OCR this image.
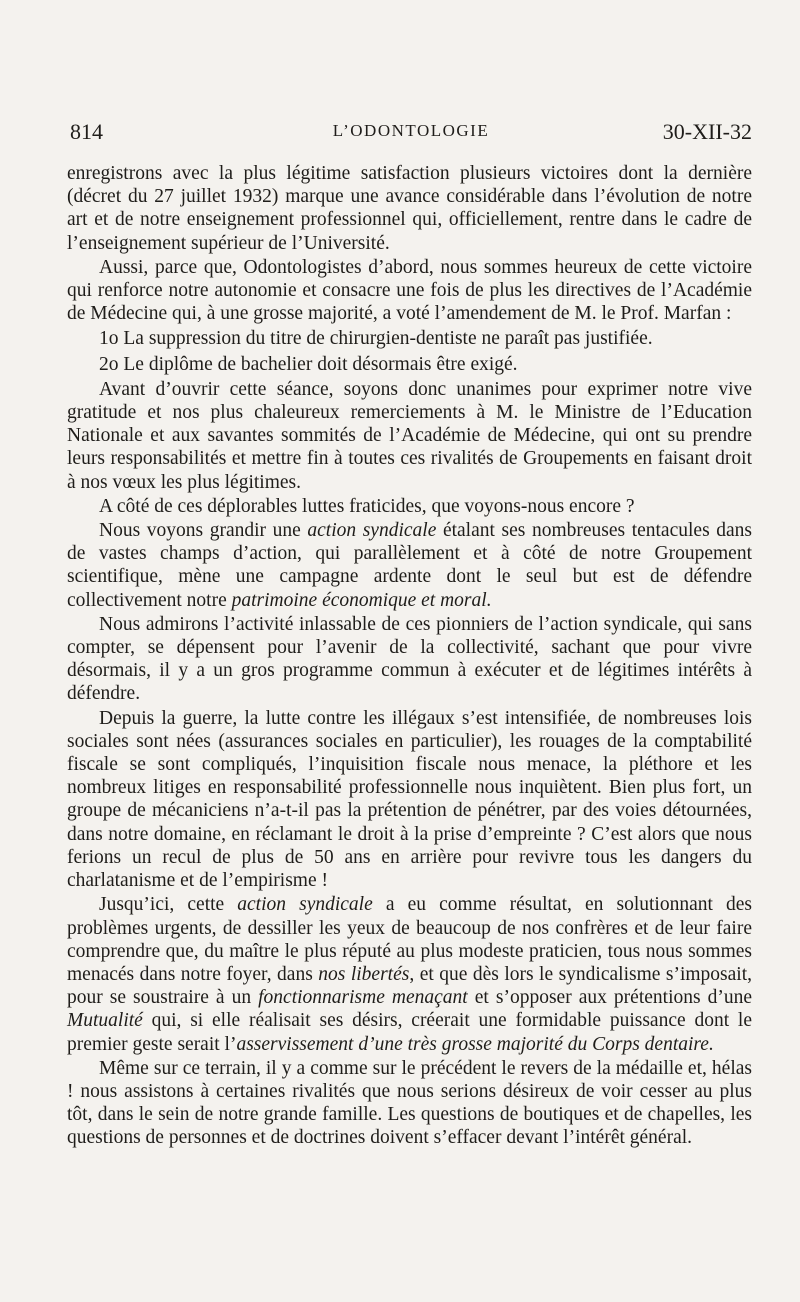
814	L’ODONTOLOGIE	30-XII-32

enregistrons avec la plus légitime satisfaction plusieurs victoires dont la dernière (décret du 27 juillet 1932) marque une avance considérable dans l’évolution de notre art et de notre enseignement professionnel qui, officiellement, rentre dans le cadre de l’enseignement supérieur de l’Université.

Aussi, parce que, Odontologistes d’abord, nous sommes heureux de cette victoire qui renforce notre autonomie et consacre une fois de plus les directives de l’Académie de Médecine qui, à une grosse majorité, a voté l’amendement de M. le Prof. Marfan :

1o La suppression du titre de chirurgien-dentiste ne paraît pas justifiée.

2o Le diplôme de bachelier doit désormais être exigé.

Avant d’ouvrir cette séance, soyons donc unanimes pour exprimer notre vive gratitude et nos plus chaleureux remerciements à M. le Ministre de l’Education Nationale et aux savantes sommités de l’Académie de Médecine, qui ont su prendre leurs responsabilités et mettre fin à toutes ces rivalités de Groupements en faisant droit à nos vœux les plus légitimes.

A côté de ces déplorables luttes fraticides, que voyons-nous encore ?

Nous voyons grandir une action syndicale étalant ses nombreuses tentacules dans de vastes champs d’action, qui parallèlement et à côté de notre Groupement scientifique, mène une campagne ardente dont le seul but est de défendre collectivement notre patrimoine économique et moral.

Nous admirons l’activité inlassable de ces pionniers de l’action syndicale, qui sans compter, se dépensent pour l’avenir de la collectivité, sachant que pour vivre désormais, il y a un gros programme commun à exécuter et de légitimes intérêts à défendre.

Depuis la guerre, la lutte contre les illégaux s’est intensifiée, de nombreuses lois sociales sont nées (assurances sociales en particulier), les rouages de la comptabilité fiscale se sont compliqués, l’inquisition fiscale nous menace, la pléthore et les nombreux litiges en responsabilité professionnelle nous inquiètent. Bien plus fort, un groupe de mécaniciens n’a-t-il pas la prétention de pénétrer, par des voies détournées, dans notre domaine, en réclamant le droit à la prise d’empreinte ? C’est alors que nous ferions un recul de plus de 50 ans en arrière pour revivre tous les dangers du charlatanisme et de l’empirisme !

Jusqu’ici, cette action syndicale a eu comme résultat, en solutionnant des problèmes urgents, de dessiller les yeux de beaucoup de nos confrères et de leur faire comprendre que, du maître le plus réputé au plus modeste praticien, tous nous sommes menacés dans notre foyer, dans nos libertés, et que dès lors le syndicalisme s’imposait, pour se soustraire à un fonctionnarisme menaçant et s’opposer aux prétentions d’une Mutualité qui, si elle réalisait ses désirs, créerait une formidable puissance dont le premier geste serait l’asservissement d’une très grosse majorité du Corps dentaire.

Même sur ce terrain, il y a comme sur le précédent le revers de la médaille et, hélas ! nous assistons à certaines rivalités que nous serions désireux de voir cesser au plus tôt, dans le sein de notre grande famille. Les questions de boutiques et de chapelles, les questions de personnes et de doctrines doivent s’effacer devant l’intérêt général.
